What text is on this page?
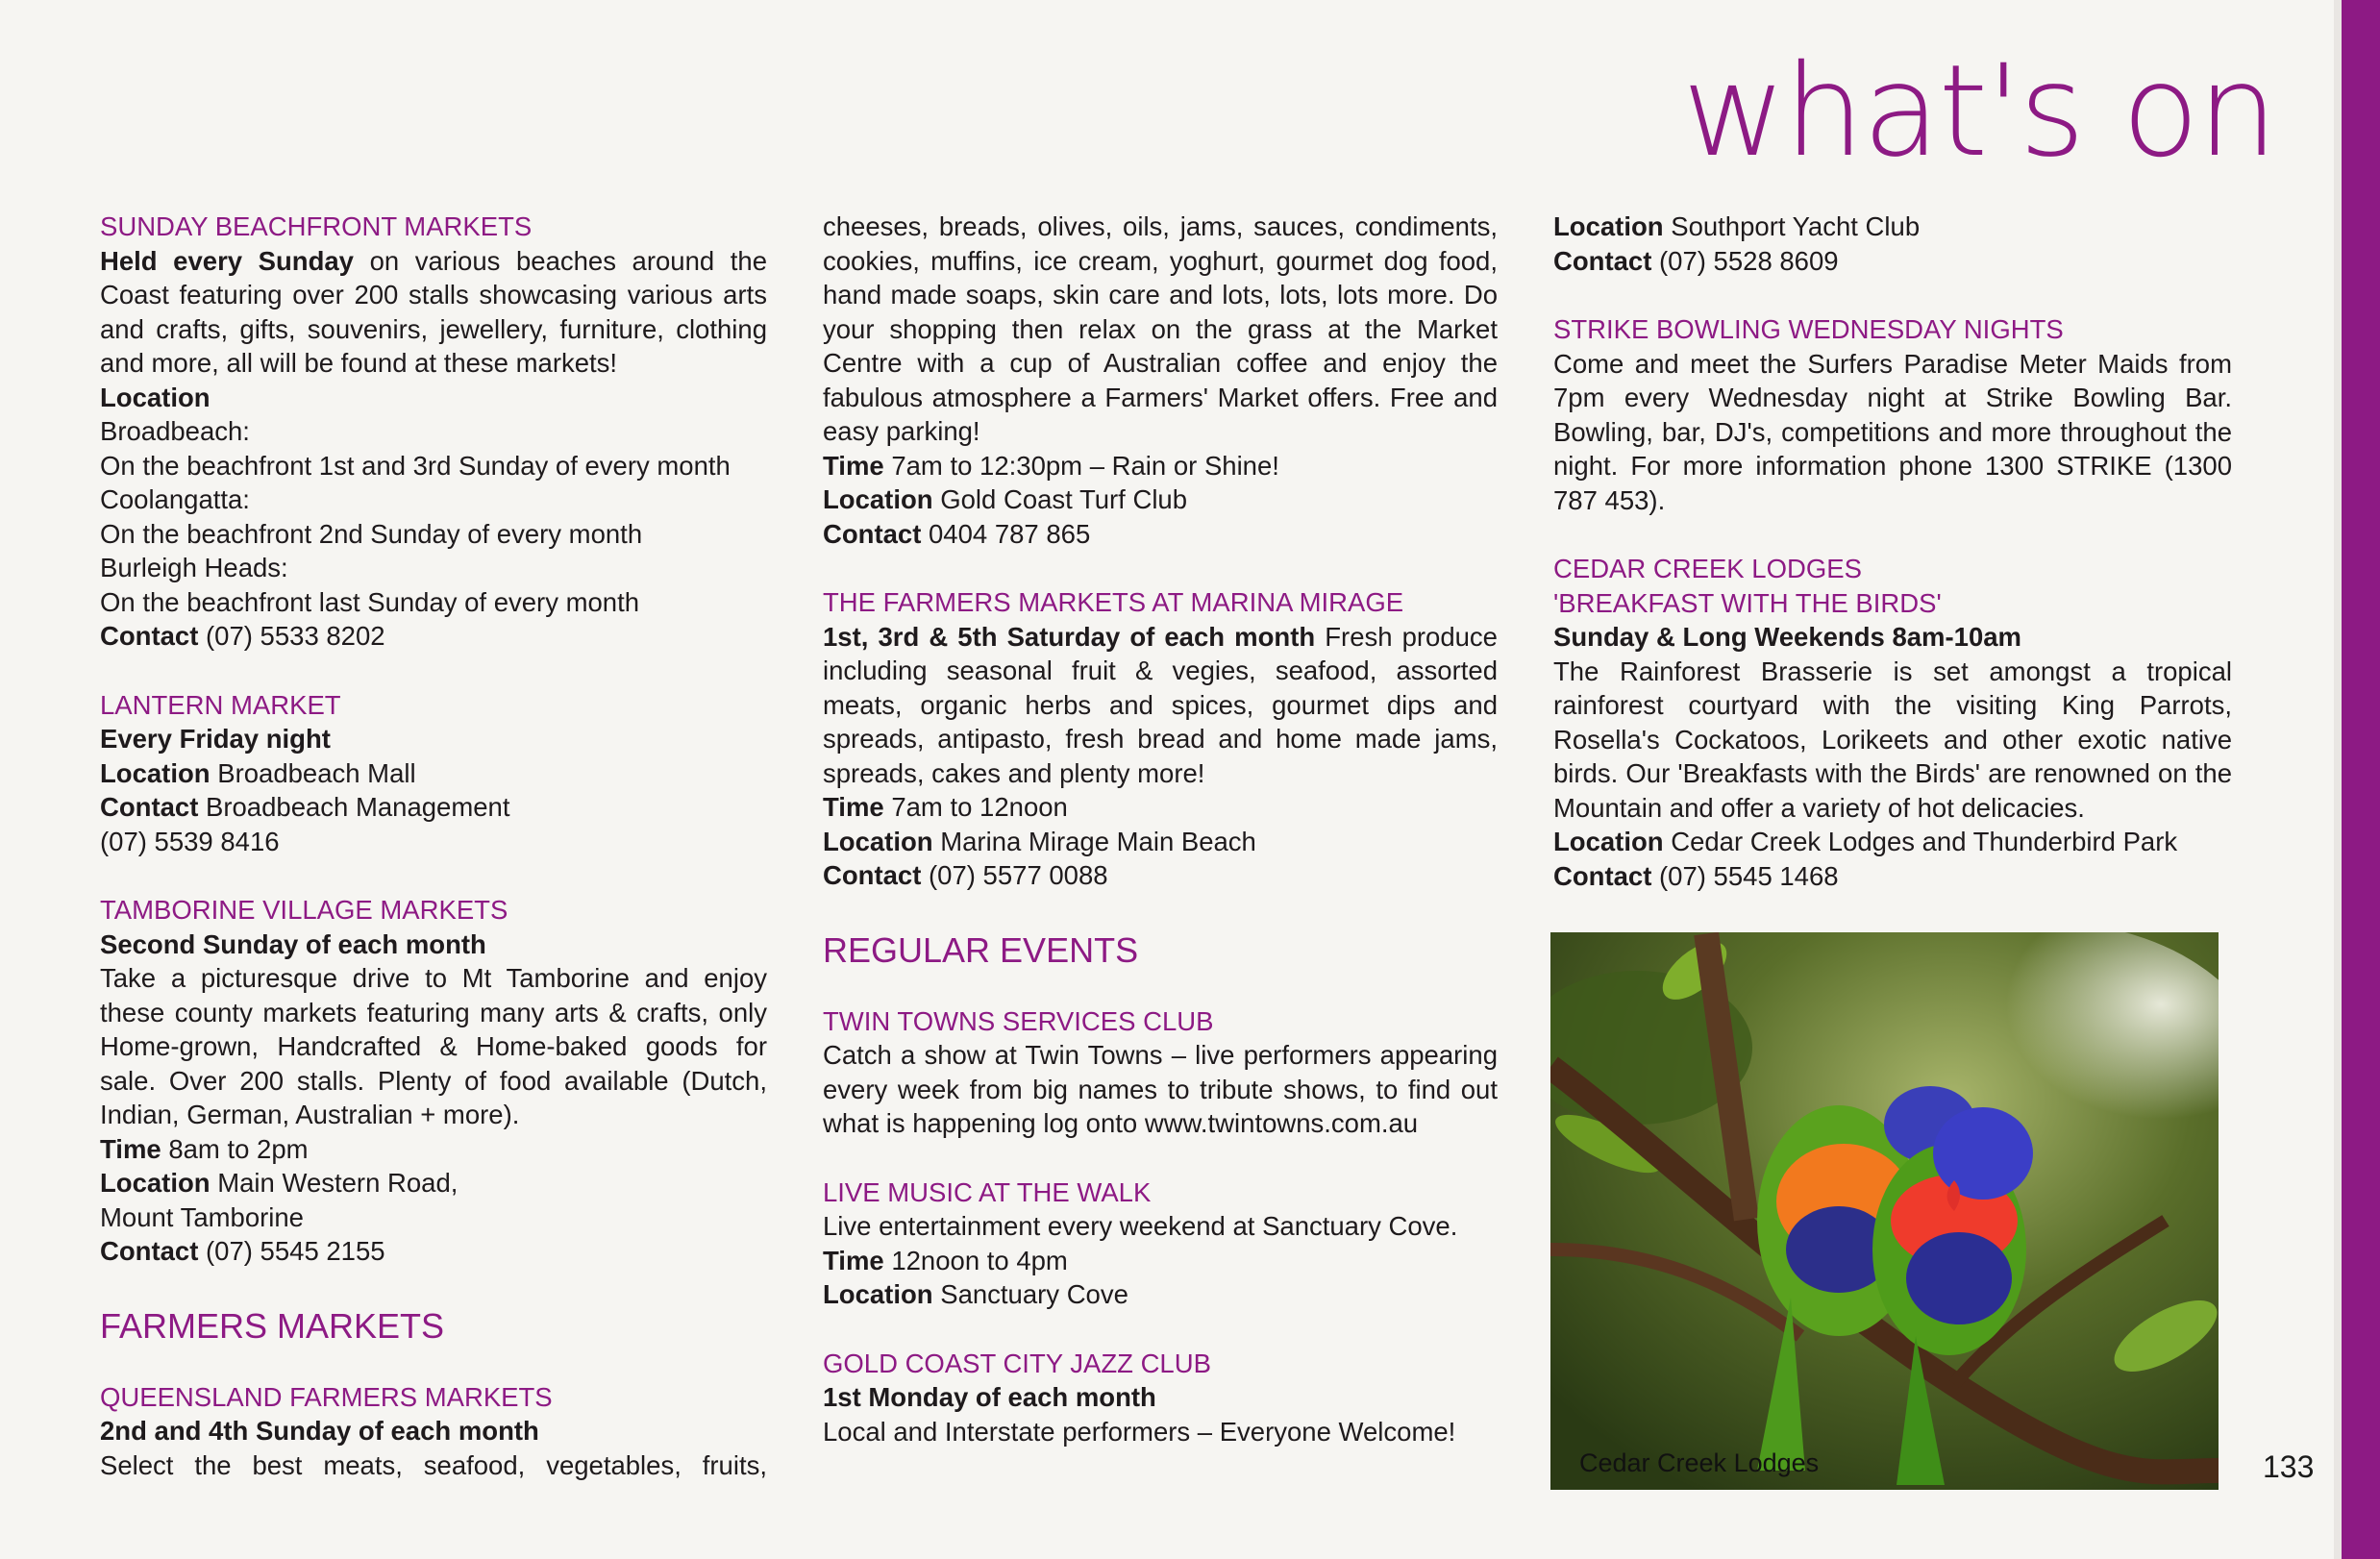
what's on

SUNDAY BEACHFRONT MARKETS

Held every Sunday on various beaches around the Coast featuring over 200 stalls showcasing various arts and crafts, gifts, souvenirs, jewellery, furniture, clothing and more, all will be found at these markets!

Location

Broadbeach:

On the beachfront 1st and 3rd Sunday of every month

Coolangatta:

On the beachfront 2nd Sunday of every month

Burleigh Heads:

On the beachfront last Sunday of every month

Contact (07) 5533 8202

LANTERN MARKET

Every Friday night

Location Broadbeach Mall

Contact Broadbeach Management

(07) 5539 8416

TAMBORINE VILLAGE MARKETS

Second Sunday of each month

Take a picturesque drive to Mt Tamborine and enjoy these county markets featuring many arts & crafts, only Home-grown, Handcrafted & Home-baked goods for sale. Over 200 stalls. Plenty of food available (Dutch, Indian, German, Australian + more).

Time 8am to 2pm

Location Main Western Road,

Mount Tamborine

Contact (07) 5545 2155

FARMERS MARKETS

QUEENSLAND FARMERS MARKETS

2nd and 4th Sunday of each month

Select the best meats, seafood, vegetables, fruits,

cheeses, breads, olives, oils, jams, sauces, condiments, cookies, muffins, ice cream, yoghurt, gourmet dog food, hand made soaps, skin care and lots, lots, lots more. Do your shopping then relax on the grass at the Market Centre with a cup of Australian coffee and enjoy the fabulous atmosphere a Farmers' Market offers. Free and easy parking!

Time 7am to 12:30pm – Rain or Shine!

Location Gold Coast Turf Club

Contact 0404 787 865

THE FARMERS MARKETS AT MARINA MIRAGE

1st, 3rd & 5th Saturday of each month Fresh produce including seasonal fruit & vegies, seafood, assorted meats, organic herbs and spices, gourmet dips and spreads, antipasto, fresh bread and home made jams, spreads, cakes and plenty more!

Time 7am to 12noon

Location Marina Mirage Main Beach

Contact (07) 5577 0088

REGULAR EVENTS

TWIN TOWNS SERVICES CLUB

Catch a show at Twin Towns – live performers appearing every week from big names to tribute shows, to find out what is happening log onto www.twintowns.com.au

LIVE MUSIC AT THE WALK

Live entertainment every weekend at Sanctuary Cove.

Time 12noon to 4pm

Location Sanctuary Cove

GOLD COAST CITY JAZZ CLUB

1st Monday of each month

Local and Interstate performers – Everyone Welcome!

Location Southport Yacht Club

Contact (07) 5528 8609

STRIKE BOWLING WEDNESDAY NIGHTS

Come and meet the Surfers Paradise Meter Maids from 7pm every Wednesday night at Strike Bowling Bar. Bowling, bar, DJ's, competitions and more throughout the night. For more information phone 1300 STRIKE (1300 787 453).

CEDAR CREEK LODGES

'BREAKFAST WITH THE BIRDS'

Sunday & Long Weekends 8am-10am

The Rainforest Brasserie is set amongst a tropical rainforest courtyard with the visiting King Parrots, Rosella's Cockatoos, Lorikeets and other exotic native birds. Our 'Breakfasts with the Birds' are renowned on the Mountain and offer a variety of hot delicacies.

Location Cedar Creek Lodges and Thunderbird Park

Contact (07) 5545 1468

Cedar Creek Lodges	133
